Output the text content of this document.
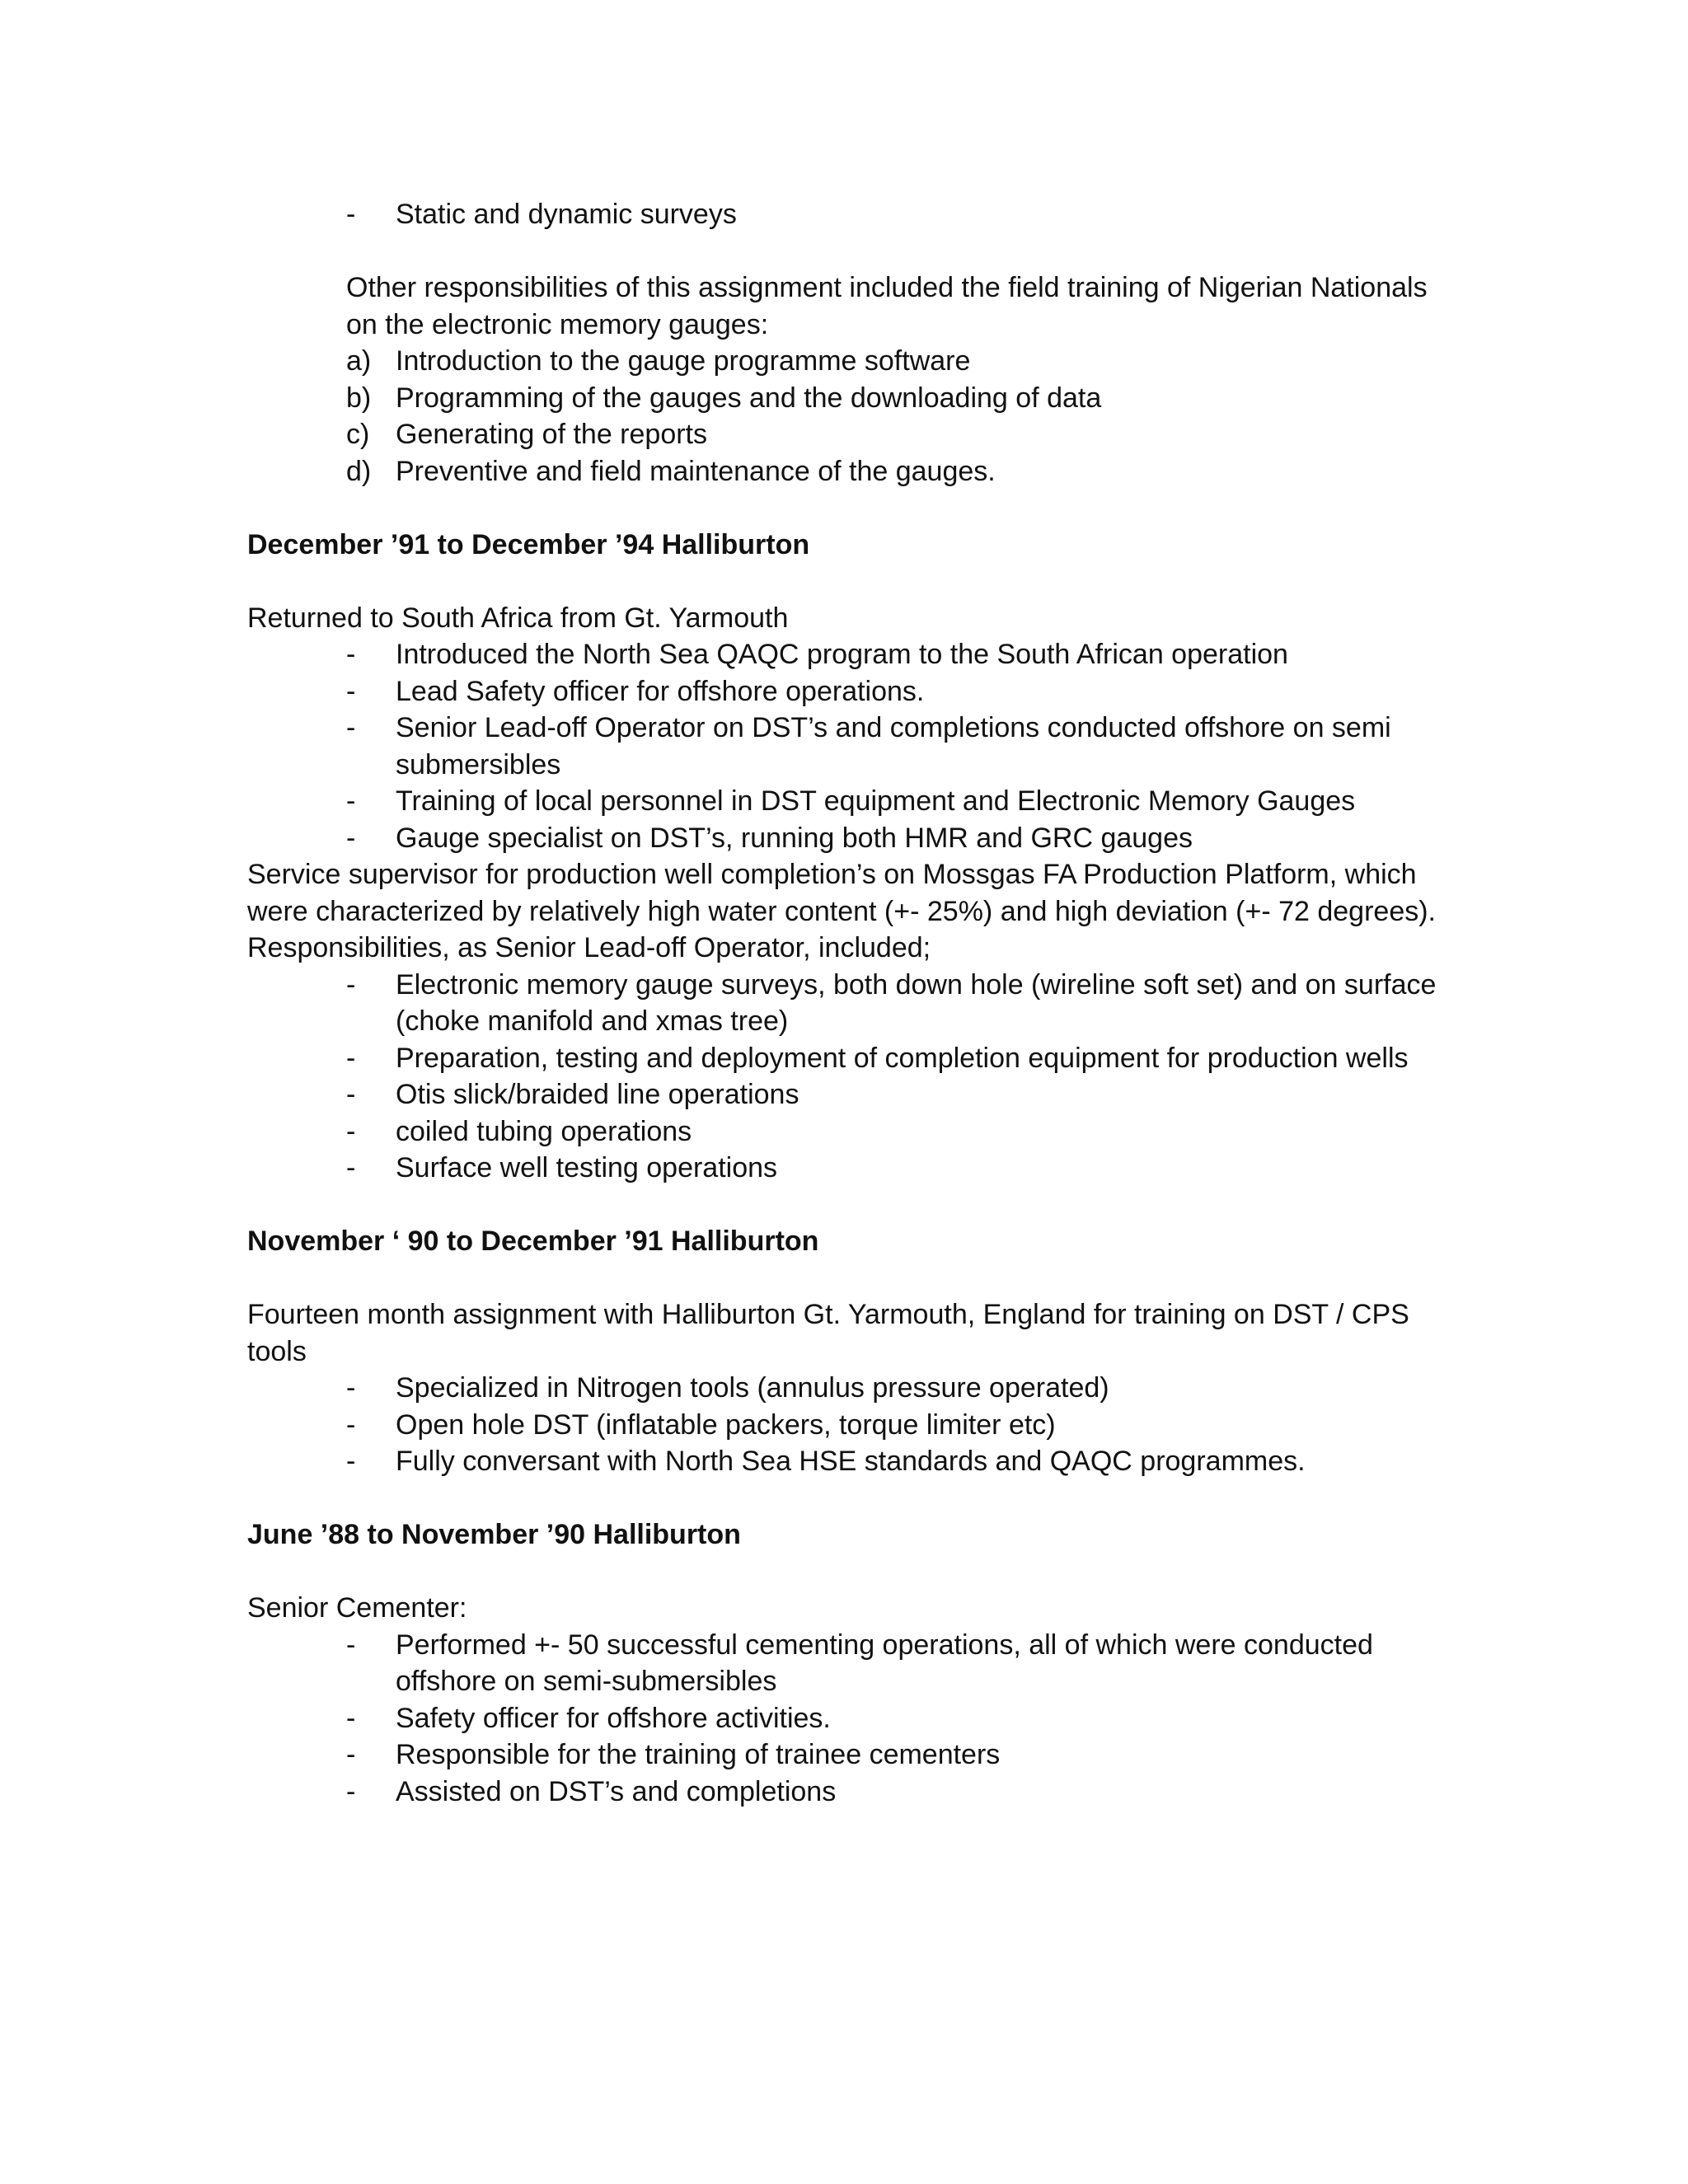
-	Static and dynamic surveys
Other responsibilities of this assignment included the field training of Nigerian Nationals on the electronic memory gauges:
a) Introduction to the gauge programme software
b) Programming of the gauges and the downloading of data
c) Generating of the reports
d) Preventive and field maintenance of the gauges.
December ’91 to December ’94 Halliburton
Returned to South Africa from Gt. Yarmouth
-	Introduced the North Sea QAQC program to the South African operation
-	Lead Safety officer for offshore operations.
-	Senior Lead-off Operator on DST’s and completions conducted offshore on semi submersibles
-	Training of local personnel in DST equipment and Electronic Memory Gauges
-	Gauge specialist on DST’s, running both HMR and GRC gauges
Service supervisor for production well completion’s on Mossgas FA Production Platform, which were characterized by relatively high water content (+- 25%) and high deviation (+- 72 degrees). Responsibilities, as Senior Lead-off Operator, included;
-	Electronic memory gauge surveys, both down hole (wireline soft set) and on surface (choke manifold and xmas tree)
-	Preparation, testing and deployment of completion equipment for production wells
-	Otis slick/braided line operations
-	coiled tubing operations
-	Surface well testing operations
November ‘ 90 to December ’91 Halliburton
Fourteen month assignment with Halliburton Gt. Yarmouth, England for training on DST / CPS tools
-	Specialized in Nitrogen tools (annulus pressure operated)
-	Open hole DST (inflatable packers, torque limiter etc)
-	Fully conversant with North Sea HSE standards and QAQC programmes.
June ’88 to November ’90 Halliburton
Senior Cementer:
-	Performed +- 50 successful cementing operations, all of which were conducted offshore on semi-submersibles
-	Safety officer for offshore activities.
-	Responsible for the training of trainee cementers
-	Assisted on DST’s and completions
